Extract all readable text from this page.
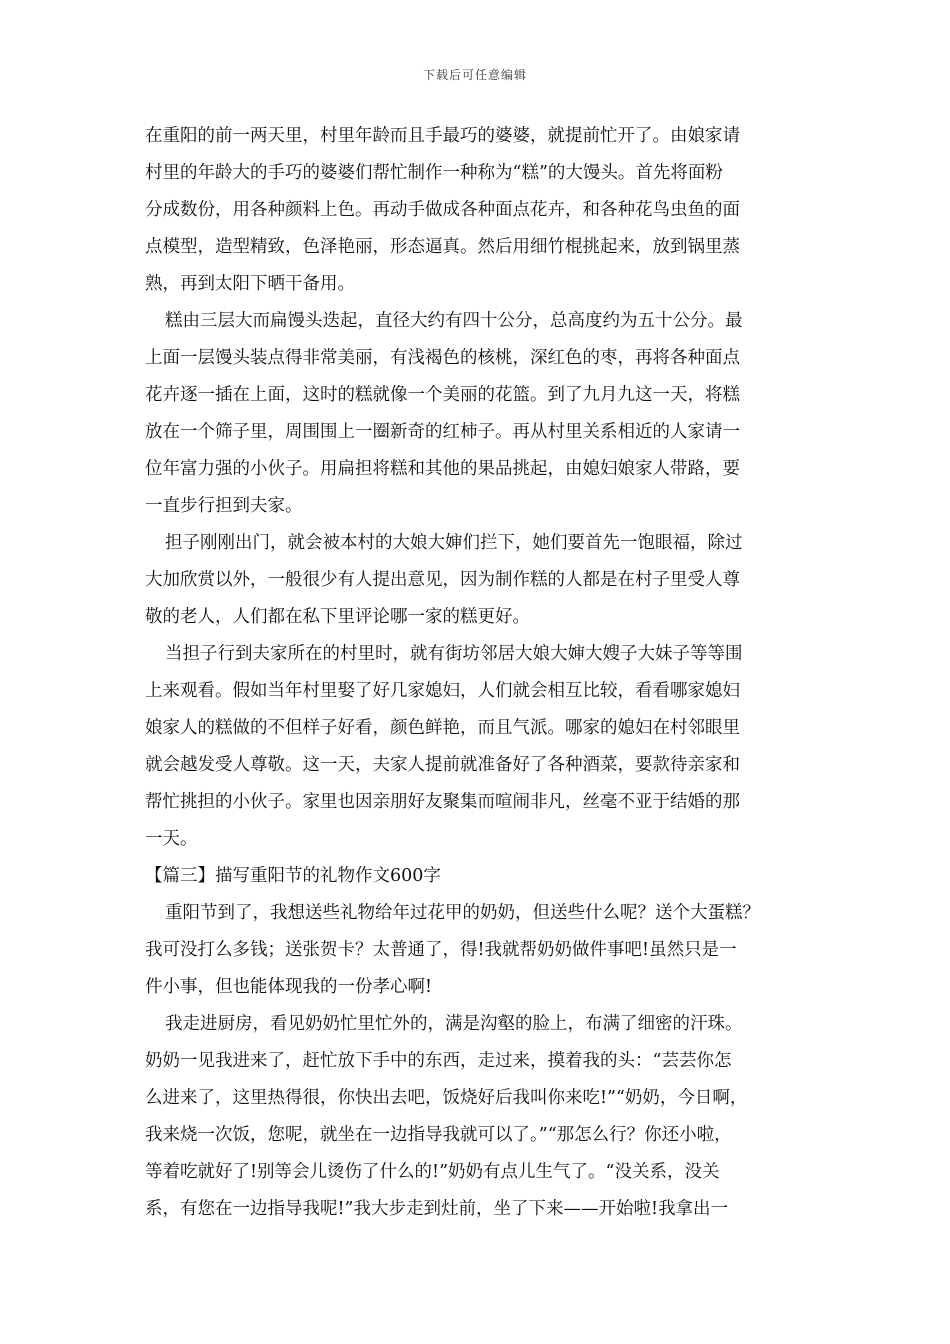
下载后可任意编辑
在重阳的前一两天里，村里年龄而且手最巧的婆婆，就提前忙开了。由娘家请
村里的年龄大的手巧的婆婆们帮忙制作一种称为“糕”的大馒头。首先将面粉
分成数份，用各种颜料上色。再动手做成各种面点花卉，和各种花鸟虫鱼的面
点模型，造型精致，色泽艳丽，形态逼真。然后用细竹棍挑起来，放到锅里蒸
熟，再到太阳下晒干备用。
糕由三层大而扁馒头迭起，直径大约有四十公分，总高度约为五十公分。最
上面一层馒头装点得非常美丽，有浅褐色的核桃，深红色的枣，再将各种面点
花卉逐一插在上面，这时的糕就像一个美丽的花篮。到了九月九这一天，将糕
放在一个筛子里，周围围上一圈新奇的红柿子。再从村里关系相近的人家请一
位年富力强的小伙子。用扁担将糕和其他的果品挑起，由媳妇娘家人带路，要
一直步行担到夫家。
担子刚刚出门，就会被本村的大娘大婶们拦下，她们要首先一饱眼福，除过
大加欣赏以外，一般很少有人提出意见，因为制作糕的人都是在村子里受人尊
敬的老人，人们都在私下里评论哪一家的糕更好。
当担子行到夫家所在的村里时，就有街坊邻居大娘大婶大嫂子大妹子等等围
上来观看。假如当年村里娶了好几家媳妇，人们就会相互比较，看看哪家媳妇
娘家人的糕做的不但样子好看，颜色鲜艳，而且气派。哪家的媳妇在村邻眼里
就会越发受人尊敬。这一天，夫家人提前就准备好了各种酒菜，要款待亲家和
帮忙挑担的小伙子。家里也因亲朋好友聚集而喧闹非凡，丝毫不亚于结婚的那
一天。
【篇三】描写重阳节的礼物作文600字
重阳节到了，我想送些礼物给年过花甲的奶奶，但送些什么呢？送个大蛋糕？
我可没打么多钱；送张贺卡？太普通了，得!我就帮奶奶做件事吧!虽然只是一
件小事，但也能体现我的一份孝心啊!
我走进厨房，看见奶奶忙里忙外的，满是沟壑的脸上，布满了细密的汗珠。
奶奶一见我进来了，赶忙放下手中的东西，走过来，摸着我的头：“芸芸你怎
么进来了，这里热得很，你快出去吧，饭烧好后我叫你来吃!”“奶奶，今日啊，
我来烧一次饭，您呢，就坐在一边指导我就可以了。”“那怎么行？你还小啦，
等着吃就好了!别等会儿烫伤了什么的!”奶奶有点儿生气了。“没关系，没关
系，有您在一边指导我呢!”我大步走到灶前，坐了下来——开始啦!我拿出一
